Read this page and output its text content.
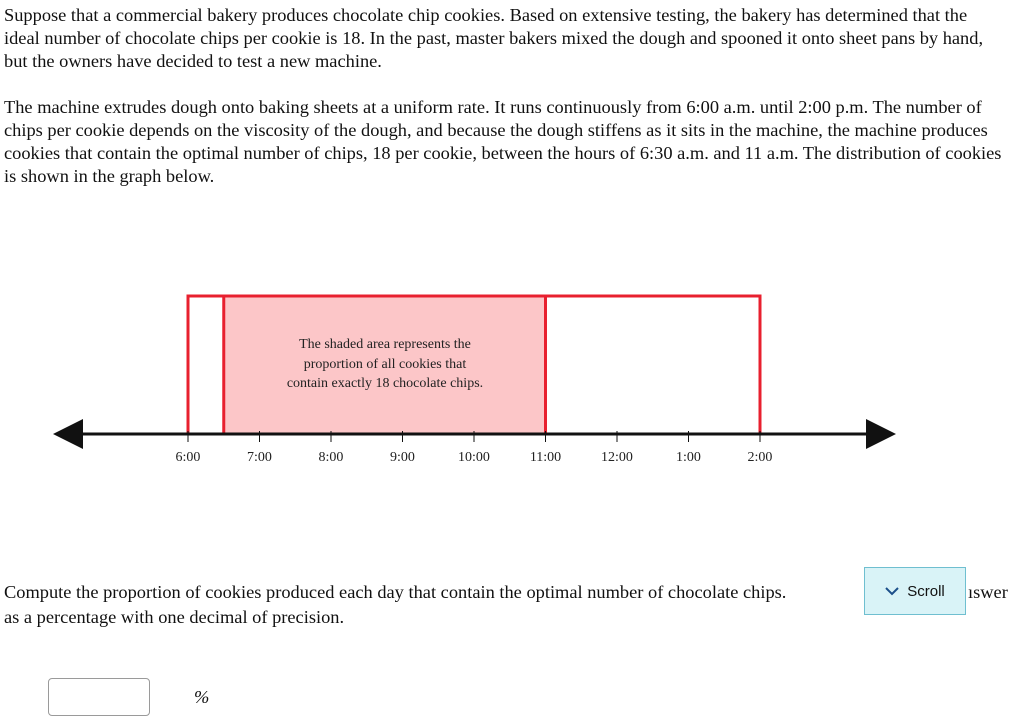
Suppose that a commercial bakery produces chocolate chip cookies. Based on extensive testing, the bakery has determined that the ideal number of chocolate chips per cookie is 18. In the past, master bakers mixed the dough and spooned it onto sheet pans by hand, but the owners have decided to test a new machine.

The machine extrudes dough onto baking sheets at a uniform rate. It runs continuously from 6:00 a.m. until 2:00 p.m. The number of chips per cookie depends on the viscosity of the dough, and because the dough stiffens as it sits in the machine, the machine produces cookies that contain the optimal number of chips, 18 per cookie, between the hours of 6:30 a.m. and 11 a.m. The distribution of cookies is shown in the graph below.

6:00	7:00	8:00	9:00	10:00	11:00	12:00	1:00	2:00
The shaded area represents the
proportion of all cookies that
contain exactly 18 chocolate chips.

Compute the proportion of cookies produced each day that contain the optimal number of chocolate chips.

as a percentage with one decimal of precision.

Scroll ıswer
%
